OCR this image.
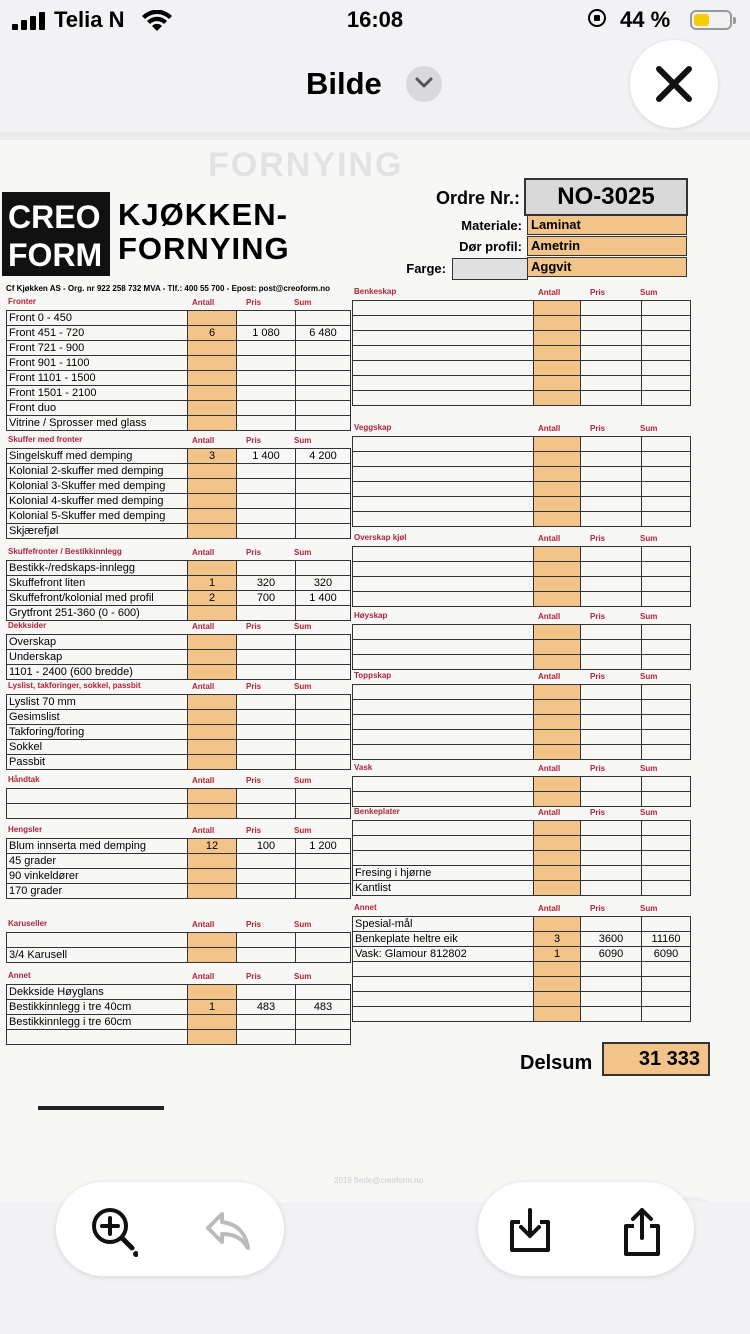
Telia N	16:08	44 %
Bilde
FORNYING
CREO
FORM
KJØKKEN-
FORNYING
Ordre Nr.:	NO-3025
Materiale: Laminat
Dør profil: Ametrin
Farge:	Aggvit
Cf Kjøkken AS - Org. nr 922 258 732 MVA - Tlf.: 400 55 700 - Epost: post@creoform.no
Fronter	Antall	Pris	Sum
Front 0 - 450			
Front 451 - 720	6	1 080	6 480
Front 721 - 900			
Front 901 - 1100			
Front 1101 - 1500			
Front 1501 - 2100			
Front duo			
Vitrine / Sprosser med glass			
Skuffer med fronter	Antall	Pris	Sum
Singelskuff med demping	3	1 400	4 200
Kolonial 2-skuffer med demping			
Kolonial 3-Skuffer med demping			
Kolonial 4-skuffer med demping			
Kolonial 5-Skuffer med demping			
Skjærefjøl			
Skuffefronter / Bestikkinnlegg	Antall	Pris	Sum
Bestikk-/redskaps-innlegg			
Skuffefront liten	1	320	320
Skuffefront/kolonial med profil	2	700	1 400
Grytfront 251-360 (0 - 600)			
Dekksider	Antall	Pris	Sum
Overskap			
Underskap			
1101 - 2400 (600 bredde)			
Lyslist, takforinger, sokkel, passbit	Antall	Pris	Sum
Lyslist 70 mm			
Gesimslist			
Takforing/foring			
Sokkel			
Passbit			
Håndtak	Antall	Pris	Sum

Hengsler	Antall	Pris	Sum
Blum innserta med demping	12	100	1 200
45 grader			
90 vinkeldører			
170 grader			
Karuseller	Antall	Pris	Sum

3/4 Karusell			
Annet	Antall	Pris	Sum
Dekkside Høyglans			
Bestikkinnlegg i tre 40cm	1	483	483
Bestikkinnlegg i tre 60cm			

Benkeskap	Antall	Pris	Sum

Veggskap	Antall	Pris	Sum

Overskap kjøl	Antall	Pris	Sum

Høyskap	Antall	Pris	Sum

Toppskap	Antall	Pris	Sum

Vask	Antall	Pris	Sum

Benkeplater	Antall	Pris	Sum

Fresing i hjørne			
Kantlist			
Annet	Antall	Pris	Sum
Spesial-mål			
Benkeplate heltre eik	3	3600	11160
Vask: Glamour 812802	1	6090	6090

Delsum	31 333
2019 frede@creoform.no
